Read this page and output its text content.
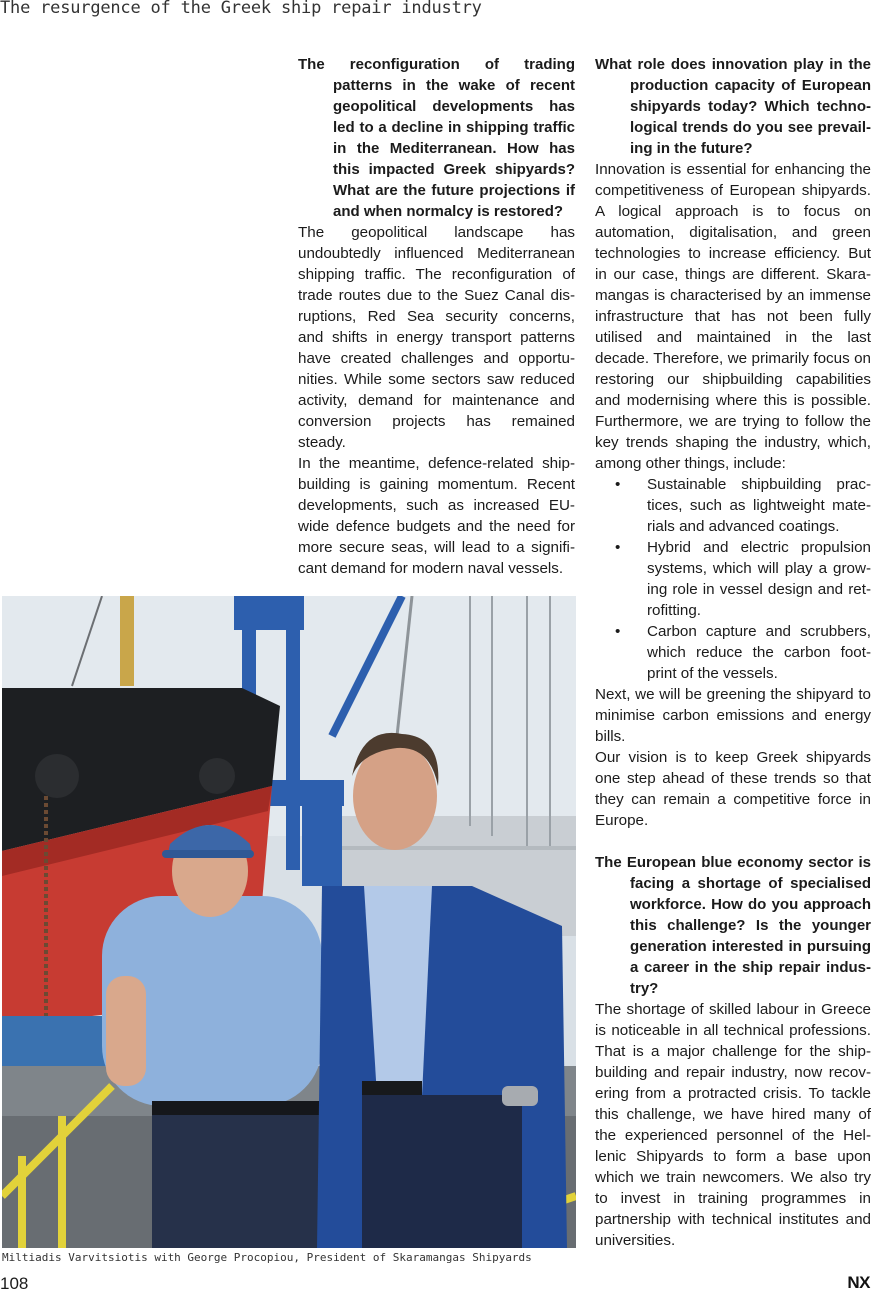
The resurgence of the Greek ship repair industry

The reconfiguration of trading patterns in the wake of recent geopolitical developments has led to a decline in shipping traffic in the Mediterranean. How has this impacted Greek shipyards? What are the future projections if and when normalcy is restored?

The geopolitical landscape has undoubtedly influenced Mediterranean shipping traffic. The reconfiguration of trade routes due to the Suez Canal disruptions, Red Sea security concerns, and shifts in energy transport patterns have created challenges and opportunities. While some sectors saw reduced activity, demand for maintenance and conversion projects has remained steady.

In the meantime, defence-related shipbuilding is gaining momentum. Recent developments, such as increased EU-wide defence budgets and the need for more secure seas, will lead to a significant demand for modern naval vessels.

What role does innovation play in the production capacity of European shipyards today? Which technological trends do you see prevailing in the future?

Innovation is essential for enhancing the competitiveness of European shipyards. A logical approach is to focus on automation, digitalisation, and green technologies to increase efficiency. But in our case, things are different. Skaramangas is characterised by an immense infrastructure that has not been fully utilised and maintained in the last decade. Therefore, we primarily focus on restoring our shipbuilding capabilities and modernising where this is possible. Furthermore, we are trying to follow the key trends shaping the industry, which, among other things, include:

• Sustainable shipbuilding practices, such as lightweight materials and advanced coatings.
• Hybrid and electric propulsion systems, which will play a growing role in vessel design and retrofitting.
• Carbon capture and scrubbers, which reduce the carbon footprint of the vessels.

Next, we will be greening the shipyard to minimise carbon emissions and energy bills.

Our vision is to keep Greek shipyards one step ahead of these trends so that they can remain a competitive force in Europe.

The European blue economy sector is facing a shortage of specialised workforce. How do you approach this challenge? Is the younger generation interested in pursuing a career in the ship repair industry?

The shortage of skilled labour in Greece is noticeable in all technical professions. That is a major challenge for the shipbuilding and repair industry, now recovering from a protracted crisis. To tackle this challenge, we have hired many of the experienced personnel of the Hellenic Shipyards to form a base upon which we train newcomers. We also try to invest in training programmes in partnership with technical institutes and universities.

Miltiadis Varvitsiotis with George Procopiou, President of Skaramangas Shipyards
108	NX
